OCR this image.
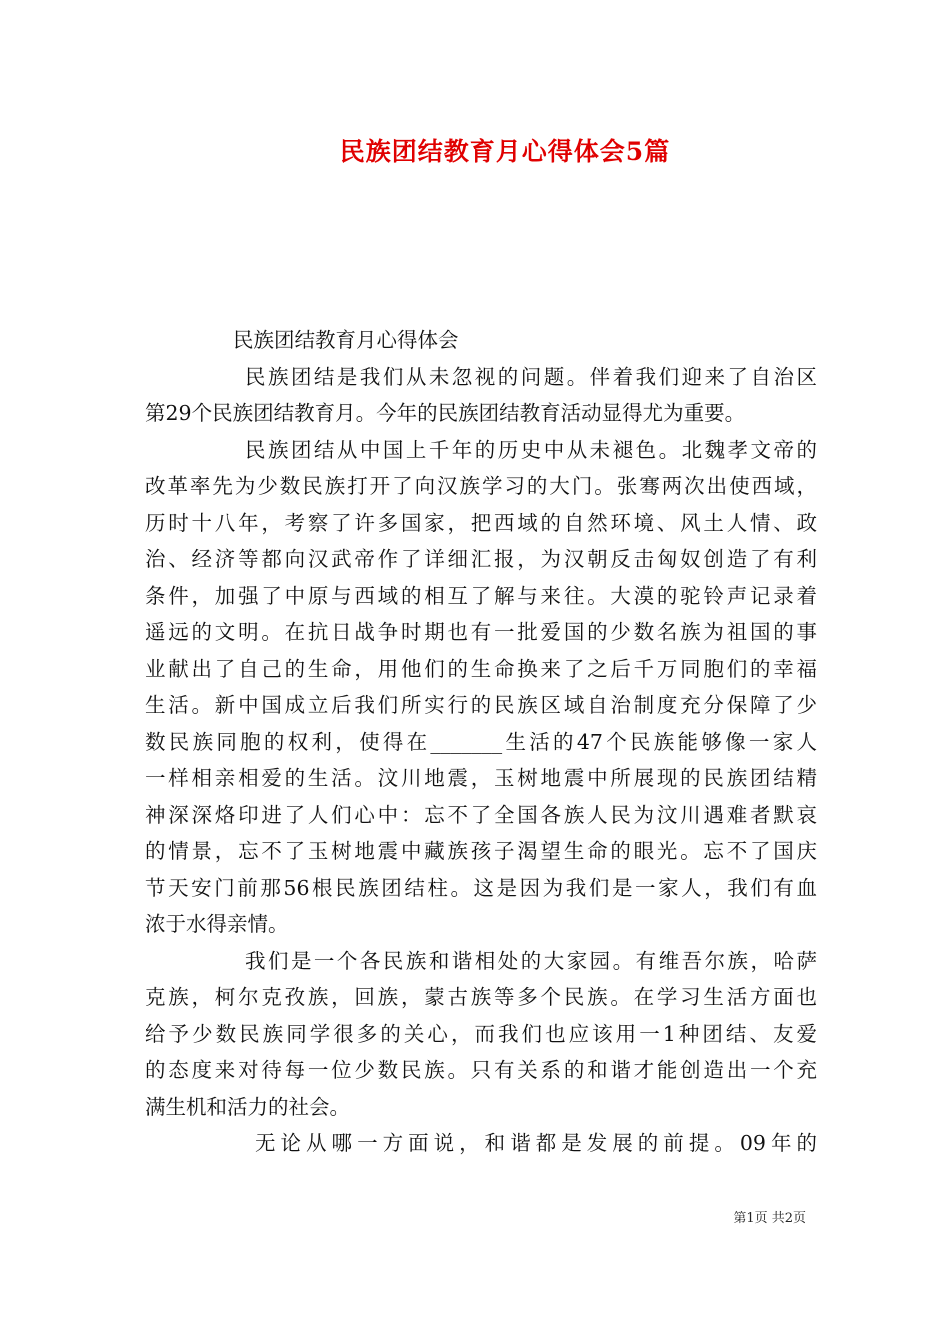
民族团结教育月心得体会5篇
民族团结教育月心得体会
民族团结是我们从未忽视的问题。伴着我们迎来了自治区
第29个民族团结教育月。今年的民族团结教育活动显得尤为重要。
民族团结从中国上千年的历史中从未褪色。北魏孝文帝的
改革率先为少数民族打开了向汉族学习的大门。张骞两次出使西域，
历时十八年，考察了许多国家，把西域的自然环境、风土人情、政
治、经济等都向汉武帝作了详细汇报，为汉朝反击匈奴创造了有利
条件，加强了中原与西域的相互了解与来往。大漠的驼铃声记录着
遥远的文明。在抗日战争时期也有一批爱国的少数名族为祖国的事
业献出了自己的生命，用他们的生命换来了之后千万同胞们的幸福
生活。新中国成立后我们所实行的民族区域自治制度充分保障了少
数民族同胞的权利，使得在_______生活的47个民族能够像一家人
一样相亲相爱的生活。汶川地震，玉树地震中所展现的民族团结精
神深深烙印进了人们心中：忘不了全国各族人民为汶川遇难者默哀
的情景，忘不了玉树地震中藏族孩子渴望生命的眼光。忘不了国庆
节天安门前那56根民族团结柱。这是因为我们是一家人，我们有血
浓于水得亲情。
我们是一个各民族和谐相处的大家园。有维吾尔族，哈萨
克族，柯尔克孜族，回族，蒙古族等多个民族。在学习生活方面也
给予少数民族同学很多的关心，而我们也应该用一1种团结、友爱
的态度来对待每一位少数民族。只有关系的和谐才能创造出一个充
满生机和活力的社会。
无论从哪一方面说，和谐都是发展的前提。09年的
第1页 共2页
